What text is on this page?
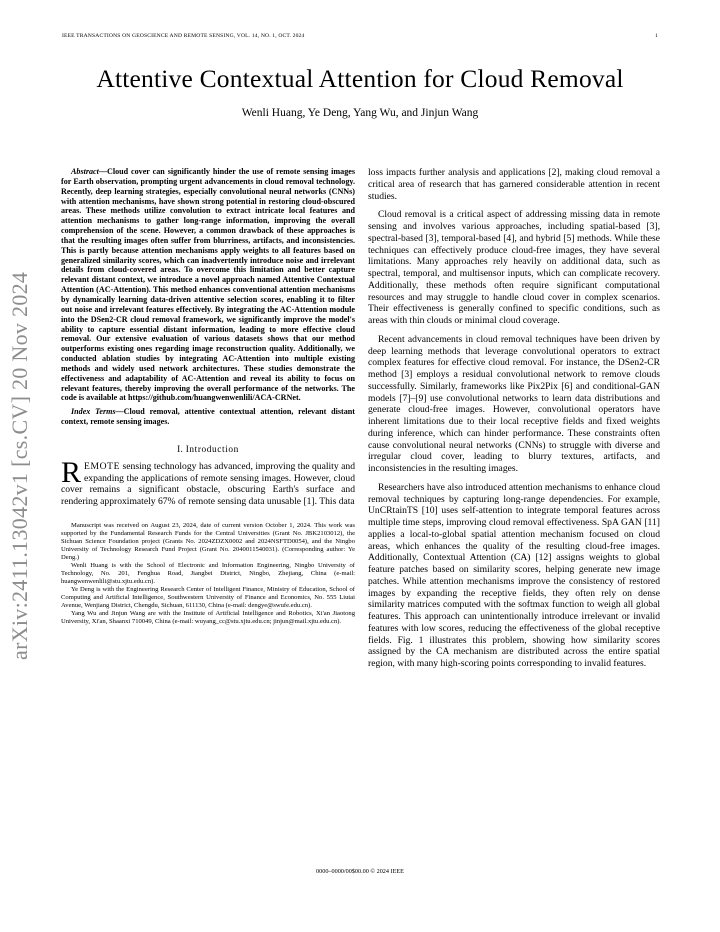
IEEE TRANSACTIONS ON GEOSCIENCE AND REMOTE SENSING, VOL. 14, NO. 1, OCT. 2024	1
Attentive Contextual Attention for Cloud Removal
Wenli Huang, Ye Deng, Yang Wu, and Jinjun Wang
arXiv:2411.13042v1 [cs.CV] 20 Nov 2024

Abstract—Cloud cover can significantly hinder the use of remote sensing images for Earth observation, prompting urgent advancements in cloud removal technology. Recently, deep learning strategies, especially convolutional neural networks (CNNs) with attention mechanisms, have shown strong potential in restoring cloud-obscured areas. These methods utilize convolution to extract intricate local features and attention mechanisms to gather long-range information, improving the overall comprehension of the scene. However, a common drawback of these approaches is that the resulting images often suffer from blurriness, artifacts, and inconsistencies. This is partly because attention mechanisms apply weights to all features based on generalized similarity scores, which can inadvertently introduce noise and irrelevant details from cloud-covered areas. To overcome this limitation and better capture relevant distant context, we introduce a novel approach named Attentive Contextual Attention (AC-Attention). This method enhances conventional attention mechanisms by dynamically learning data-driven attentive selection scores, enabling it to filter out noise and irrelevant features effectively. By integrating the AC-Attention module into the DSen2-CR cloud removal framework, we significantly improve the model's ability to capture essential distant information, leading to more effective cloud removal. Our extensive evaluation of various datasets shows that our method outperforms existing ones regarding image reconstruction quality. Additionally, we conducted ablation studies by integrating AC-Attention into multiple existing methods and widely used network architectures. These studies demonstrate the effectiveness and adaptability of AC-Attention and reveal its ability to focus on relevant features, thereby improving the overall performance of the networks. The code is available at https://github.com/huangwenwenlili/ACA-CRNet.

Index Terms—Cloud removal, attentive contextual attention, relevant distant context, remote sensing images.

I. Introduction

REMOTE sensing technology has advanced, improving the quality and expanding the applications of remote sensing images. However, cloud cover remains a significant obstacle, obscuring Earth's surface and rendering approximately 67% of remote sensing data unusable [1]. This data

Manuscript was received on August 23, 2024, date of current version October 1, 2024. This work was supported by the Fundamental Research Funds for the Central Universities (Grant No. JBK2103012), the Sichuan Science Foundation project (Grants No. 2024ZDZX0002 and 2024NSFTD0054), and the Ningbo University of Technology Research Fund Project (Grant No. 2040011540031). (Corresponding author: Ye Deng.)

Wenli Huang is with the School of Electronic and Information Engineering, Ningbo University of Technology, No. 201, Fenghua Road, Jiangbei District, Ningbo, Zhejiang, China (e-mail: huangwenwenlili@stu.xjtu.edu.cn).

Ye Deng is with the Engineering Research Center of Intelligent Finance, Ministry of Education, School of Computing and Artificial Intelligence, Southwestern University of Finance and Economics, No. 555 Liutai Avenue, Wenjiang District, Chengdu, Sichuan, 611130, China (e-mail: dengye@swufe.edu.cn).

Yang Wu and Jinjun Wang are with the Institute of Artificial Intelligence and Robotics, Xi'an Jiaotong University, Xi'an, Shaanxi 710049, China (e-mail: wuyang_cc@stu.xjtu.edu.cn; jinjun@mail.xjtu.edu.cn).

loss impacts further analysis and applications [2], making cloud removal a critical area of research that has garnered considerable attention in recent studies.

Cloud removal is a critical aspect of addressing missing data in remote sensing and involves various approaches, including spatial-based [3], spectral-based [3], temporal-based [4], and hybrid [5] methods. While these techniques can effectively produce cloud-free images, they have several limitations. Many approaches rely heavily on additional data, such as spectral, temporal, and multisensor inputs, which can complicate recovery. Additionally, these methods often require significant computational resources and may struggle to handle cloud cover in complex scenarios. Their effectiveness is generally confined to specific conditions, such as areas with thin clouds or minimal cloud coverage.

Recent advancements in cloud removal techniques have been driven by deep learning methods that leverage convolutional operators to extract complex features for effective cloud removal. For instance, the DSen2-CR method [3] employs a residual convolutional network to remove clouds successfully. Similarly, frameworks like Pix2Pix [6] and conditional-GAN models [7]–[9] use convolutional networks to learn data distributions and generate cloud-free images. However, convolutional operators have inherent limitations due to their local receptive fields and fixed weights during inference, which can hinder performance. These constraints often cause convolutional neural networks (CNNs) to struggle with diverse and irregular cloud cover, leading to blurry textures, artifacts, and inconsistencies in the resulting images.

Researchers have also introduced attention mechanisms to enhance cloud removal techniques by capturing long-range dependencies. For example, UnCRtainTS [10] uses self-attention to integrate temporal features across multiple time steps, improving cloud removal effectiveness. SpA GAN [11] applies a local-to-global spatial attention mechanism focused on cloud areas, which enhances the quality of the resulting cloud-free images. Additionally, Contextual Attention (CA) [12] assigns weights to global feature patches based on similarity scores, helping generate new image patches. While attention mechanisms improve the consistency of restored images by expanding the receptive fields, they often rely on dense similarity matrices computed with the softmax function to weigh all global features. This approach can unintentionally introduce irrelevant or invalid features with low scores, reducing the effectiveness of the global receptive fields. Fig. 1 illustrates this problem, showing how similarity scores assigned by the CA mechanism are distributed across the entire spatial region, with many high-scoring points corresponding to invalid features.

0000–0000/00$00.00 © 2024 IEEE
